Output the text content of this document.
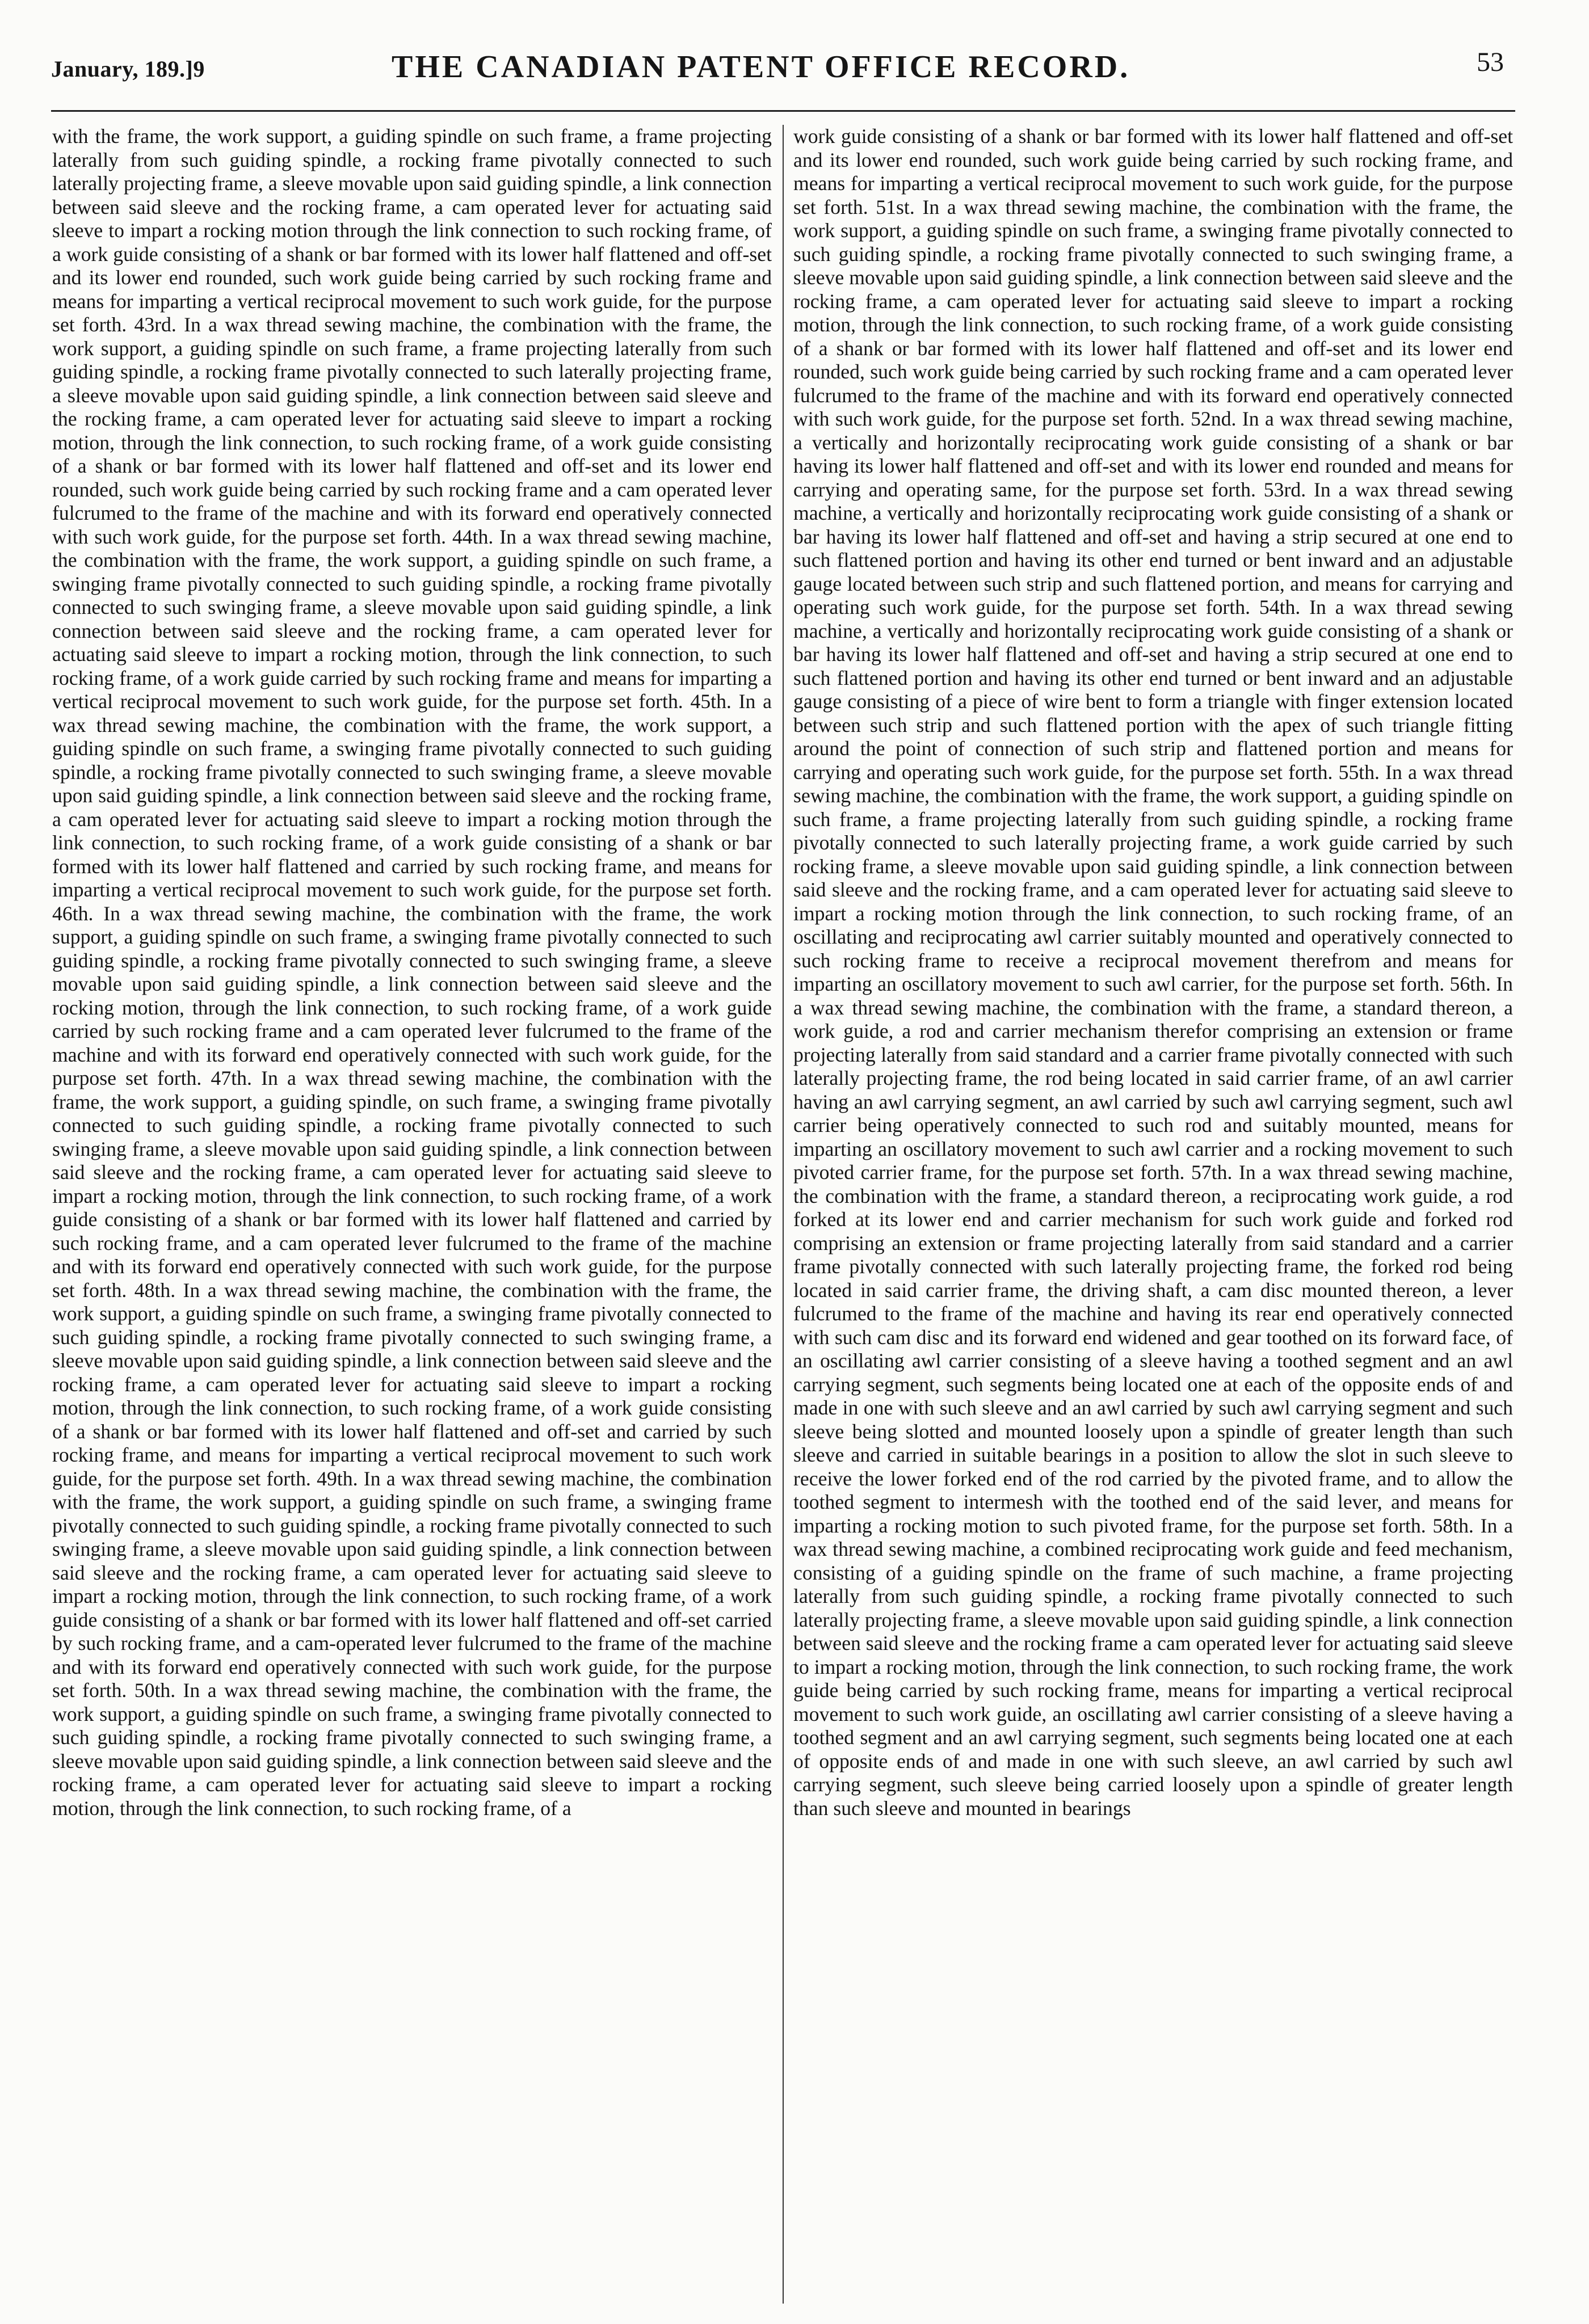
January, 189.]9	THE CANADIAN PATENT OFFICE RECORD.	53

with the frame, the work support, a guiding spindle on such frame, a frame projecting laterally from such guiding spindle, a rocking frame pivotally connected to such laterally projecting frame, a sleeve movable upon said guiding spindle, a link connection between said sleeve and the rocking frame, a cam operated lever for actuating said sleeve to impart a rocking motion through the link connection to such rocking frame, of a work guide consisting of a shank or bar formed with its lower half flattened and off-set and its lower end rounded, such work guide being carried by such rocking frame and means for imparting a vertical reciprocal movement to such work guide, for the purpose set forth. 43rd. In a wax thread sewing machine, the combination with the frame, the work support, a guiding spindle on such frame, a frame projecting laterally from such guiding spindle, a rocking frame pivotally connected to such laterally projecting frame, a sleeve movable upon said guiding spindle, a link connection between said sleeve and the rocking frame, a cam operated lever for actuating said sleeve to impart a rocking motion, through the link connection, to such rocking frame, of a work guide consisting of a shank or bar formed with its lower half flattened and off-set and its lower end rounded, such work guide being carried by such rocking frame and a cam operated lever fulcrumed to the frame of the machine and with its forward end operatively connected with such work guide, for the purpose set forth. 44th. In a wax thread sewing machine, the combination with the frame, the work support, a guiding spindle on such frame, a swinging frame pivotally connected to such guiding spindle, a rocking frame pivotally connected to such swinging frame, a sleeve movable upon said guiding spindle, a link connection between said sleeve and the rocking frame, a cam operated lever for actuating said sleeve to impart a rocking motion, through the link connection, to such rocking frame, of a work guide carried by such rocking frame and means for imparting a vertical reciprocal movement to such work guide, for the purpose set forth. 45th. In a wax thread sewing machine, the combination with the frame, the work support, a guiding spindle on such frame, a swinging frame pivotally connected to such guiding spindle, a rocking frame pivotally connected to such swinging frame, a sleeve movable upon said guiding spindle, a link connection between said sleeve and the rocking frame, a cam operated lever for actuating said sleeve to impart a rocking motion through the link connection, to such rocking frame, of a work guide consisting of a shank or bar formed with its lower half flattened and carried by such rocking frame, and means for imparting a vertical reciprocal movement to such work guide, for the purpose set forth. 46th. In a wax thread sewing machine, the combination with the frame, the work support, a guiding spindle on such frame, a swinging frame pivotally connected to such guiding spindle, a rocking frame pivotally connected to such swinging frame, a sleeve movable upon said guiding spindle, a link connection between said sleeve and the rocking motion, through the link connection, to such rocking frame, of a work guide carried by such rocking frame and a cam operated lever fulcrumed to the frame of the machine and with its forward end operatively connected with such work guide, for the purpose set forth. 47th. In a wax thread sewing machine, the combination with the frame, the work support, a guiding spindle, on such frame, a swinging frame pivotally connected to such guiding spindle, a rocking frame pivotally connected to such swinging frame, a sleeve movable upon said guiding spindle, a link connection between said sleeve and the rocking frame, a cam operated lever for actuating said sleeve to impart a rocking motion, through the link connection, to such rocking frame, of a work guide consisting of a shank or bar formed with its lower half flattened and carried by such rocking frame, and a cam operated lever fulcrumed to the frame of the machine and with its forward end operatively connected with such work guide, for the purpose set forth. 48th. In a wax thread sewing machine, the combination with the frame, the work support, a guiding spindle on such frame, a swinging frame pivotally connected to such guiding spindle, a rocking frame pivotally connected to such swinging frame, a sleeve movable upon said guiding spindle, a link connection between said sleeve and the rocking frame, a cam operated lever for actuating said sleeve to impart a rocking motion, through the link connection, to such rocking frame, of a work guide consisting of a shank or bar formed with its lower half flattened and off-set and carried by such rocking frame, and means for imparting a vertical reciprocal movement to such work guide, for the purpose set forth. 49th. In a wax thread sewing machine, the combination with the frame, the work support, a guiding spindle on such frame, a swinging frame pivotally connected to such guiding spindle, a rocking frame pivotally connected to such swinging frame, a sleeve movable upon said guiding spindle, a link connection between said sleeve and the rocking frame, a cam operated lever for actuating said sleeve to impart a rocking motion, through the link connection, to such rocking frame, of a work guide consisting of a shank or bar formed with its lower half flattened and off-set carried by such rocking frame, and a cam-operated lever fulcrumed to the frame of the machine and with its forward end operatively connected with such work guide, for the purpose set forth. 50th. In a wax thread sewing machine, the combination with the frame, the work support, a guiding spindle on such frame, a swinging frame pivotally connected to such guiding spindle, a rocking frame pivotally connected to such swinging frame, a sleeve movable upon said guiding spindle, a link connection between said sleeve and the rocking frame, a cam operated lever for actuating said sleeve to impart a rocking motion, through the link connection, to such rocking frame, of a

work guide consisting of a shank or bar formed with its lower half flattened and off-set and its lower end rounded, such work guide being carried by such rocking frame, and means for imparting a vertical reciprocal movement to such work guide, for the purpose set forth. 51st. In a wax thread sewing machine, the combination with the frame, the work support, a guiding spindle on such frame, a swinging frame pivotally connected to such guiding spindle, a rocking frame pivotally connected to such swinging frame, a sleeve movable upon said guiding spindle, a link connection between said sleeve and the rocking frame, a cam operated lever for actuating said sleeve to impart a rocking motion, through the link connection, to such rocking frame, of a work guide consisting of a shank or bar formed with its lower half flattened and off-set and its lower end rounded, such work guide being carried by such rocking frame and a cam operated lever fulcrumed to the frame of the machine and with its forward end operatively connected with such work guide, for the purpose set forth. 52nd. In a wax thread sewing machine, a vertically and horizontally reciprocating work guide consisting of a shank or bar having its lower half flattened and off-set and with its lower end rounded and means for carrying and operating same, for the purpose set forth. 53rd. In a wax thread sewing machine, a vertically and horizontally reciprocating work guide consisting of a shank or bar having its lower half flattened and off-set and having a strip secured at one end to such flattened portion and having its other end turned or bent inward and an adjustable gauge located between such strip and such flattened portion, and means for carrying and operating such work guide, for the purpose set forth. 54th. In a wax thread sewing machine, a vertically and horizontally reciprocating work guide consisting of a shank or bar having its lower half flattened and off-set and having a strip secured at one end to such flattened portion and having its other end turned or bent inward and an adjustable gauge consisting of a piece of wire bent to form a triangle with finger extension located between such strip and such flattened portion with the apex of such triangle fitting around the point of connection of such strip and flattened portion and means for carrying and operating such work guide, for the purpose set forth. 55th. In a wax thread sewing machine, the combination with the frame, the work support, a guiding spindle on such frame, a frame projecting laterally from such guiding spindle, a rocking frame pivotally connected to such laterally projecting frame, a work guide carried by such rocking frame, a sleeve movable upon said guiding spindle, a link connection between said sleeve and the rocking frame, and a cam operated lever for actuating said sleeve to impart a rocking motion through the link connection, to such rocking frame, of an oscillating and reciprocating awl carrier suitably mounted and operatively connected to such rocking frame to receive a reciprocal movement therefrom and means for imparting an oscillatory movement to such awl carrier, for the purpose set forth. 56th. In a wax thread sewing machine, the combination with the frame, a standard thereon, a work guide, a rod and carrier mechanism therefor comprising an extension or frame projecting laterally from said standard and a carrier frame pivotally connected with such laterally projecting frame, the rod being located in said carrier frame, of an awl carrier having an awl carrying segment, an awl carried by such awl carrying segment, such awl carrier being operatively connected to such rod and suitably mounted, means for imparting an oscillatory movement to such awl carrier and a rocking movement to such pivoted carrier frame, for the purpose set forth. 57th. In a wax thread sewing machine, the combination with the frame, a standard thereon, a reciprocating work guide, a rod forked at its lower end and carrier mechanism for such work guide and forked rod comprising an extension or frame projecting laterally from said standard and a carrier frame pivotally connected with such laterally projecting frame, the forked rod being located in said carrier frame, the driving shaft, a cam disc mounted thereon, a lever fulcrumed to the frame of the machine and having its rear end operatively connected with such cam disc and its forward end widened and gear toothed on its forward face, of an oscillating awl carrier consisting of a sleeve having a toothed segment and an awl carrying segment, such segments being located one at each of the opposite ends of and made in one with such sleeve and an awl carried by such awl carrying segment and such sleeve being slotted and mounted loosely upon a spindle of greater length than such sleeve and carried in suitable bearings in a position to allow the slot in such sleeve to receive the lower forked end of the rod carried by the pivoted frame, and to allow the toothed segment to intermesh with the toothed end of the said lever, and means for imparting a rocking motion to such pivoted frame, for the purpose set forth. 58th. In a wax thread sewing machine, a combined reciprocating work guide and feed mechanism, consisting of a guiding spindle on the frame of such machine, a frame projecting laterally from such guiding spindle, a rocking frame pivotally connected to such laterally projecting frame, a sleeve movable upon said guiding spindle, a link connection between said sleeve and the rocking frame a cam operated lever for actuating said sleeve to impart a rocking motion, through the link connection, to such rocking frame, the work guide being carried by such rocking frame, means for imparting a vertical reciprocal movement to such work guide, an oscillating awl carrier consisting of a sleeve having a toothed segment and an awl carrying segment, such segments being located one at each of opposite ends of and made in one with such sleeve, an awl carried by such awl carrying segment, such sleeve being carried loosely upon a spindle of greater length than such sleeve and mounted in bearings
